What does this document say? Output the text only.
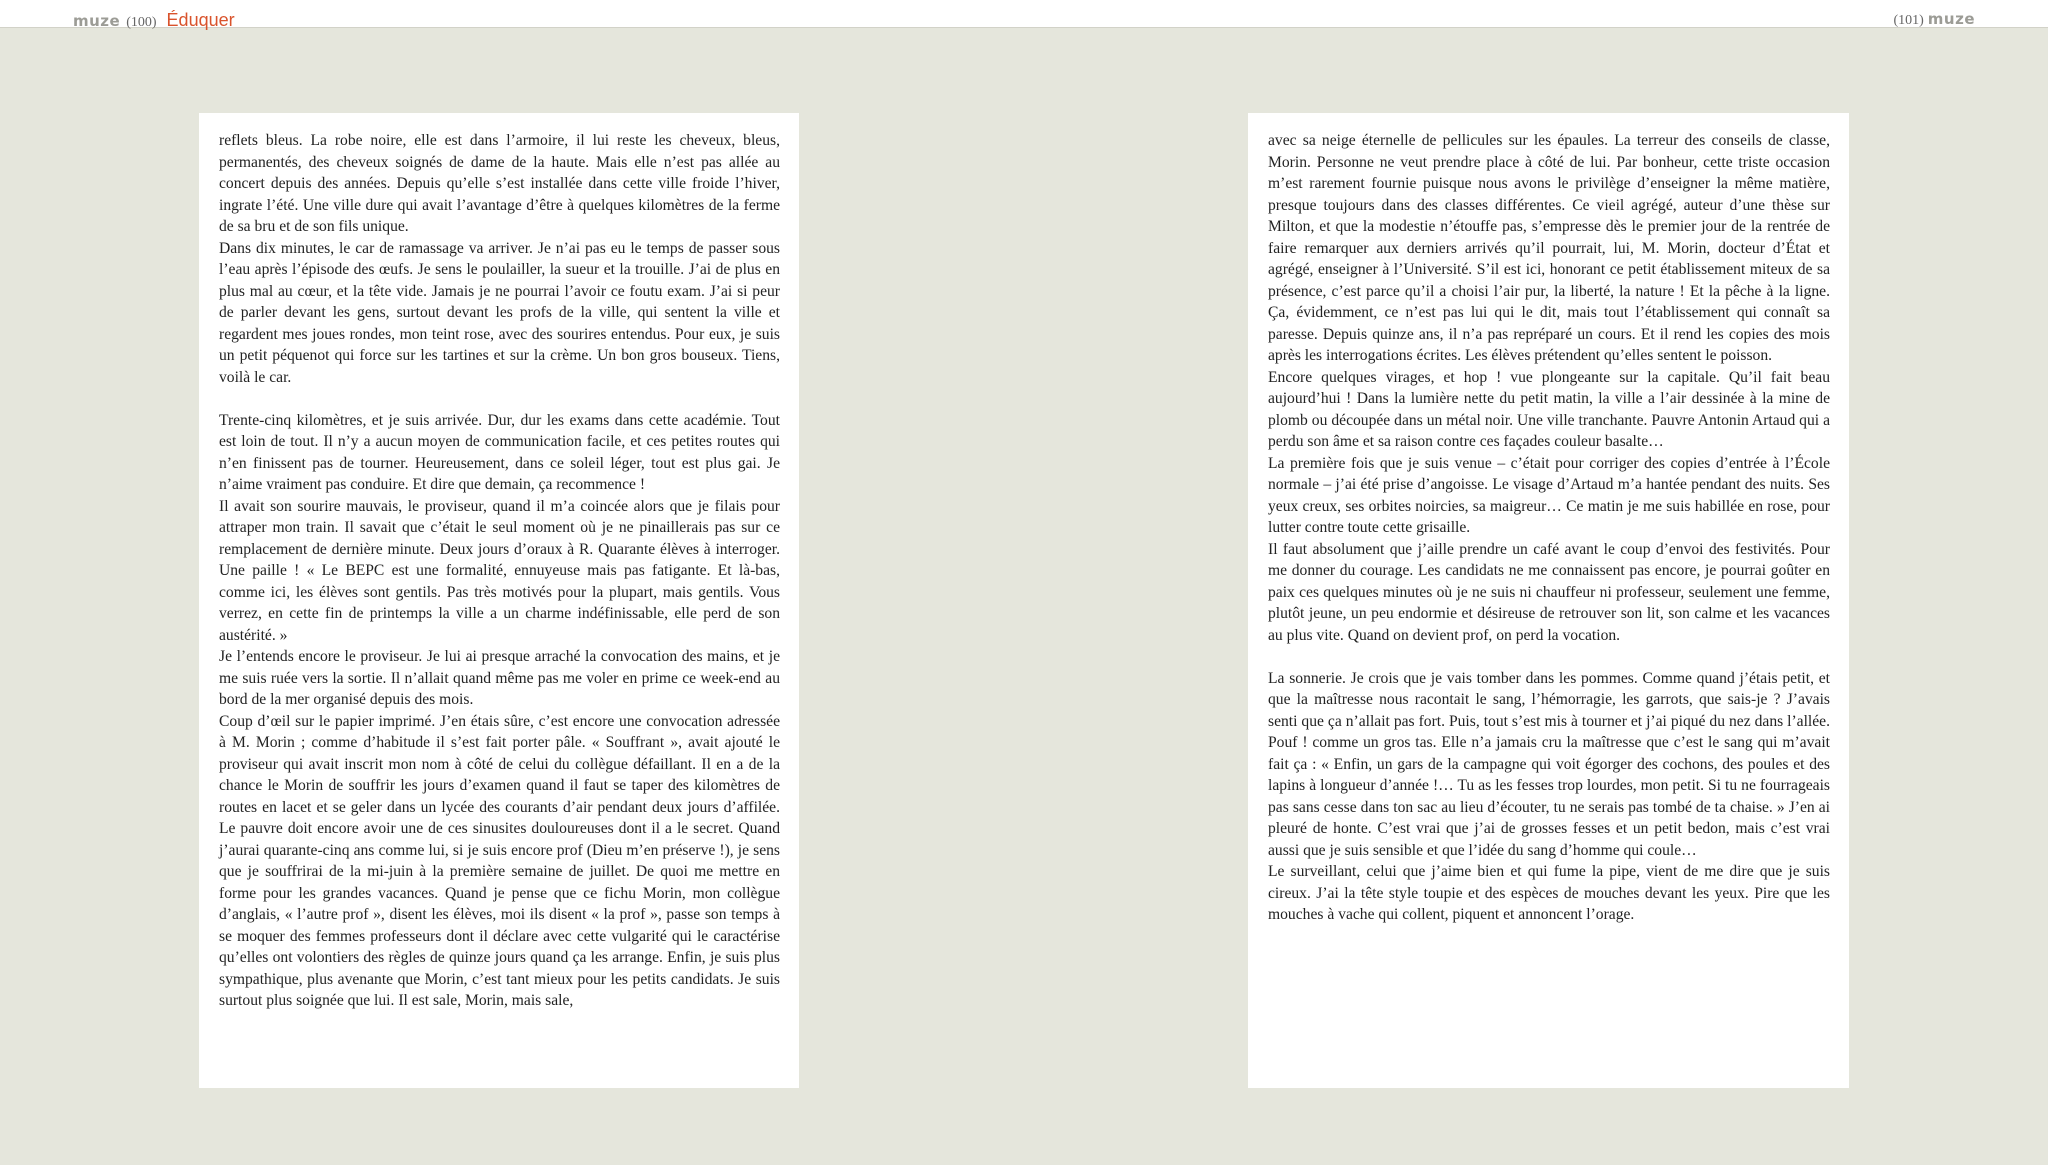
muze (100) Éduquer	(101) muze

reflets bleus. La robe noire, elle est dans l’armoire, il lui reste les cheveux, bleus, permanentés, des cheveux soignés de dame de la haute. Mais elle n’est pas allée au concert depuis des années. Depuis qu’elle s’est installée dans cette ville froide l’hiver, ingrate l’été. Une ville dure qui avait l’avantage d’être à quelques kilomètres de la ferme de sa bru et de son fils unique.

Dans dix minutes, le car de ramassage va arriver. Je n’ai pas eu le temps de passer sous l’eau après l’épisode des œufs. Je sens le poulailler, la sueur et la trouille. J’ai de plus en plus mal au cœur, et la tête vide. Jamais je ne pourrai l’avoir ce foutu exam. J’ai si peur de parler devant les gens, surtout devant les profs de la ville, qui sentent la ville et regardent mes joues rondes, mon teint rose, avec des sourires entendus. Pour eux, je suis un petit péquenot qui force sur les tartines et sur la crème. Un bon gros bouseux. Tiens, voilà le car.

Trente-cinq kilomètres, et je suis arrivée. Dur, dur les exams dans cette académie. Tout est loin de tout. Il n’y a aucun moyen de communication facile, et ces petites routes qui n’en finissent pas de tourner. Heureusement, dans ce soleil léger, tout est plus gai. Je n’aime vraiment pas conduire. Et dire que demain, ça recommence !

Il avait son sourire mauvais, le proviseur, quand il m’a coincée alors que je filais pour attraper mon train. Il savait que c’était le seul moment où je ne pinaillerais pas sur ce remplacement de dernière minute. Deux jours d’oraux à R. Quarante élèves à interroger. Une paille ! « Le BEPC est une formalité, ennuyeuse mais pas fatigante. Et là-bas, comme ici, les élèves sont gentils. Pas très motivés pour la plupart, mais gentils. Vous verrez, en cette fin de printemps la ville a un charme indéfinissable, elle perd de son austérité. »

Je l’entends encore le proviseur. Je lui ai presque arraché la convocation des mains, et je me suis ruée vers la sortie. Il n’allait quand même pas me voler en prime ce week-end au bord de la mer organisé depuis des mois.

Coup d’œil sur le papier imprimé. J’en étais sûre, c’est encore une convocation adressée à M. Morin ; comme d’habitude il s’est fait porter pâle. « Souffrant », avait ajouté le proviseur qui avait inscrit mon nom à côté de celui du collègue défaillant. Il en a de la chance le Morin de souffrir les jours d’examen quand il faut se taper des kilomètres de routes en lacet et se geler dans un lycée des courants d’air pendant deux jours d’affilée. Le pauvre doit encore avoir une de ces sinusites douloureuses dont il a le secret. Quand j’aurai quarante-cinq ans comme lui, si je suis encore prof (Dieu m’en préserve !), je sens que je souffrirai de la mi-juin à la première semaine de juillet. De quoi me mettre en forme pour les grandes vacances. Quand je pense que ce fichu Morin, mon collègue d’anglais, « l’autre prof », disent les élèves, moi ils disent « la prof », passe son temps à se moquer des femmes professeurs dont il déclare avec cette vulgarité qui le caractérise qu’elles ont volontiers des règles de quinze jours quand ça les arrange. Enfin, je suis plus sympathique, plus avenante que Morin, c’est tant mieux pour les petits candidats. Je suis surtout plus soignée que lui. Il est sale, Morin, mais sale,

avec sa neige éternelle de pellicules sur les épaules. La terreur des conseils de classe, Morin. Personne ne veut prendre place à côté de lui. Par bonheur, cette triste occasion m’est rarement fournie puisque nous avons le privilège d’enseigner la même matière, presque toujours dans des classes différentes. Ce vieil agrégé, auteur d’une thèse sur Milton, et que la modestie n’étouffe pas, s’empresse dès le premier jour de la rentrée de faire remarquer aux derniers arrivés qu’il pourrait, lui, M. Morin, docteur d’État et agrégé, enseigner à l’Université. S’il est ici, honorant ce petit établissement miteux de sa présence, c’est parce qu’il a choisi l’air pur, la liberté, la nature ! Et la pêche à la ligne. Ça, évidemment, ce n’est pas lui qui le dit, mais tout l’établissement qui connaît sa paresse. Depuis quinze ans, il n’a pas repréparé un cours. Et il rend les copies des mois après les interrogations écrites. Les élèves prétendent qu’elles sentent le poisson.

Encore quelques virages, et hop ! vue plongeante sur la capitale. Qu’il fait beau aujourd’hui ! Dans la lumière nette du petit matin, la ville a l’air dessinée à la mine de plomb ou découpée dans un métal noir. Une ville tranchante. Pauvre Antonin Artaud qui a perdu son âme et sa raison contre ces façades couleur basalte…

La première fois que je suis venue – c’était pour corriger des copies d’entrée à l’École normale – j’ai été prise d’angoisse. Le visage d’Artaud m’a hantée pendant des nuits. Ses yeux creux, ses orbites noircies, sa maigreur… Ce matin je me suis habillée en rose, pour lutter contre toute cette grisaille.

Il faut absolument que j’aille prendre un café avant le coup d’envoi des festivités. Pour me donner du courage. Les candidats ne me connaissent pas encore, je pourrai goûter en paix ces quelques minutes où je ne suis ni chauffeur ni professeur, seulement une femme, plutôt jeune, un peu endormie et désireuse de retrouver son lit, son calme et les vacances au plus vite. Quand on devient prof, on perd la vocation.

La sonnerie. Je crois que je vais tomber dans les pommes. Comme quand j’étais petit, et que la maîtresse nous racontait le sang, l’hémorragie, les garrots, que sais-je ? J’avais senti que ça n’allait pas fort. Puis, tout s’est mis à tourner et j’ai piqué du nez dans l’allée. Pouf ! comme un gros tas. Elle n’a jamais cru la maîtresse que c’est le sang qui m’avait fait ça : « Enfin, un gars de la campagne qui voit égorger des cochons, des poules et des lapins à longueur d’année !… Tu as les fesses trop lourdes, mon petit. Si tu ne fourrageais pas sans cesse dans ton sac au lieu d’écouter, tu ne serais pas tombé de ta chaise. » J’en ai pleuré de honte. C’est vrai que j’ai de grosses fesses et un petit bedon, mais c’est vrai aussi que je suis sensible et que l’idée du sang d’homme qui coule…

Le surveillant, celui que j’aime bien et qui fume la pipe, vient de me dire que je suis cireux. J’ai la tête style toupie et des espèces de mouches devant les yeux. Pire que les mouches à vache qui collent, piquent et annoncent l’orage.
